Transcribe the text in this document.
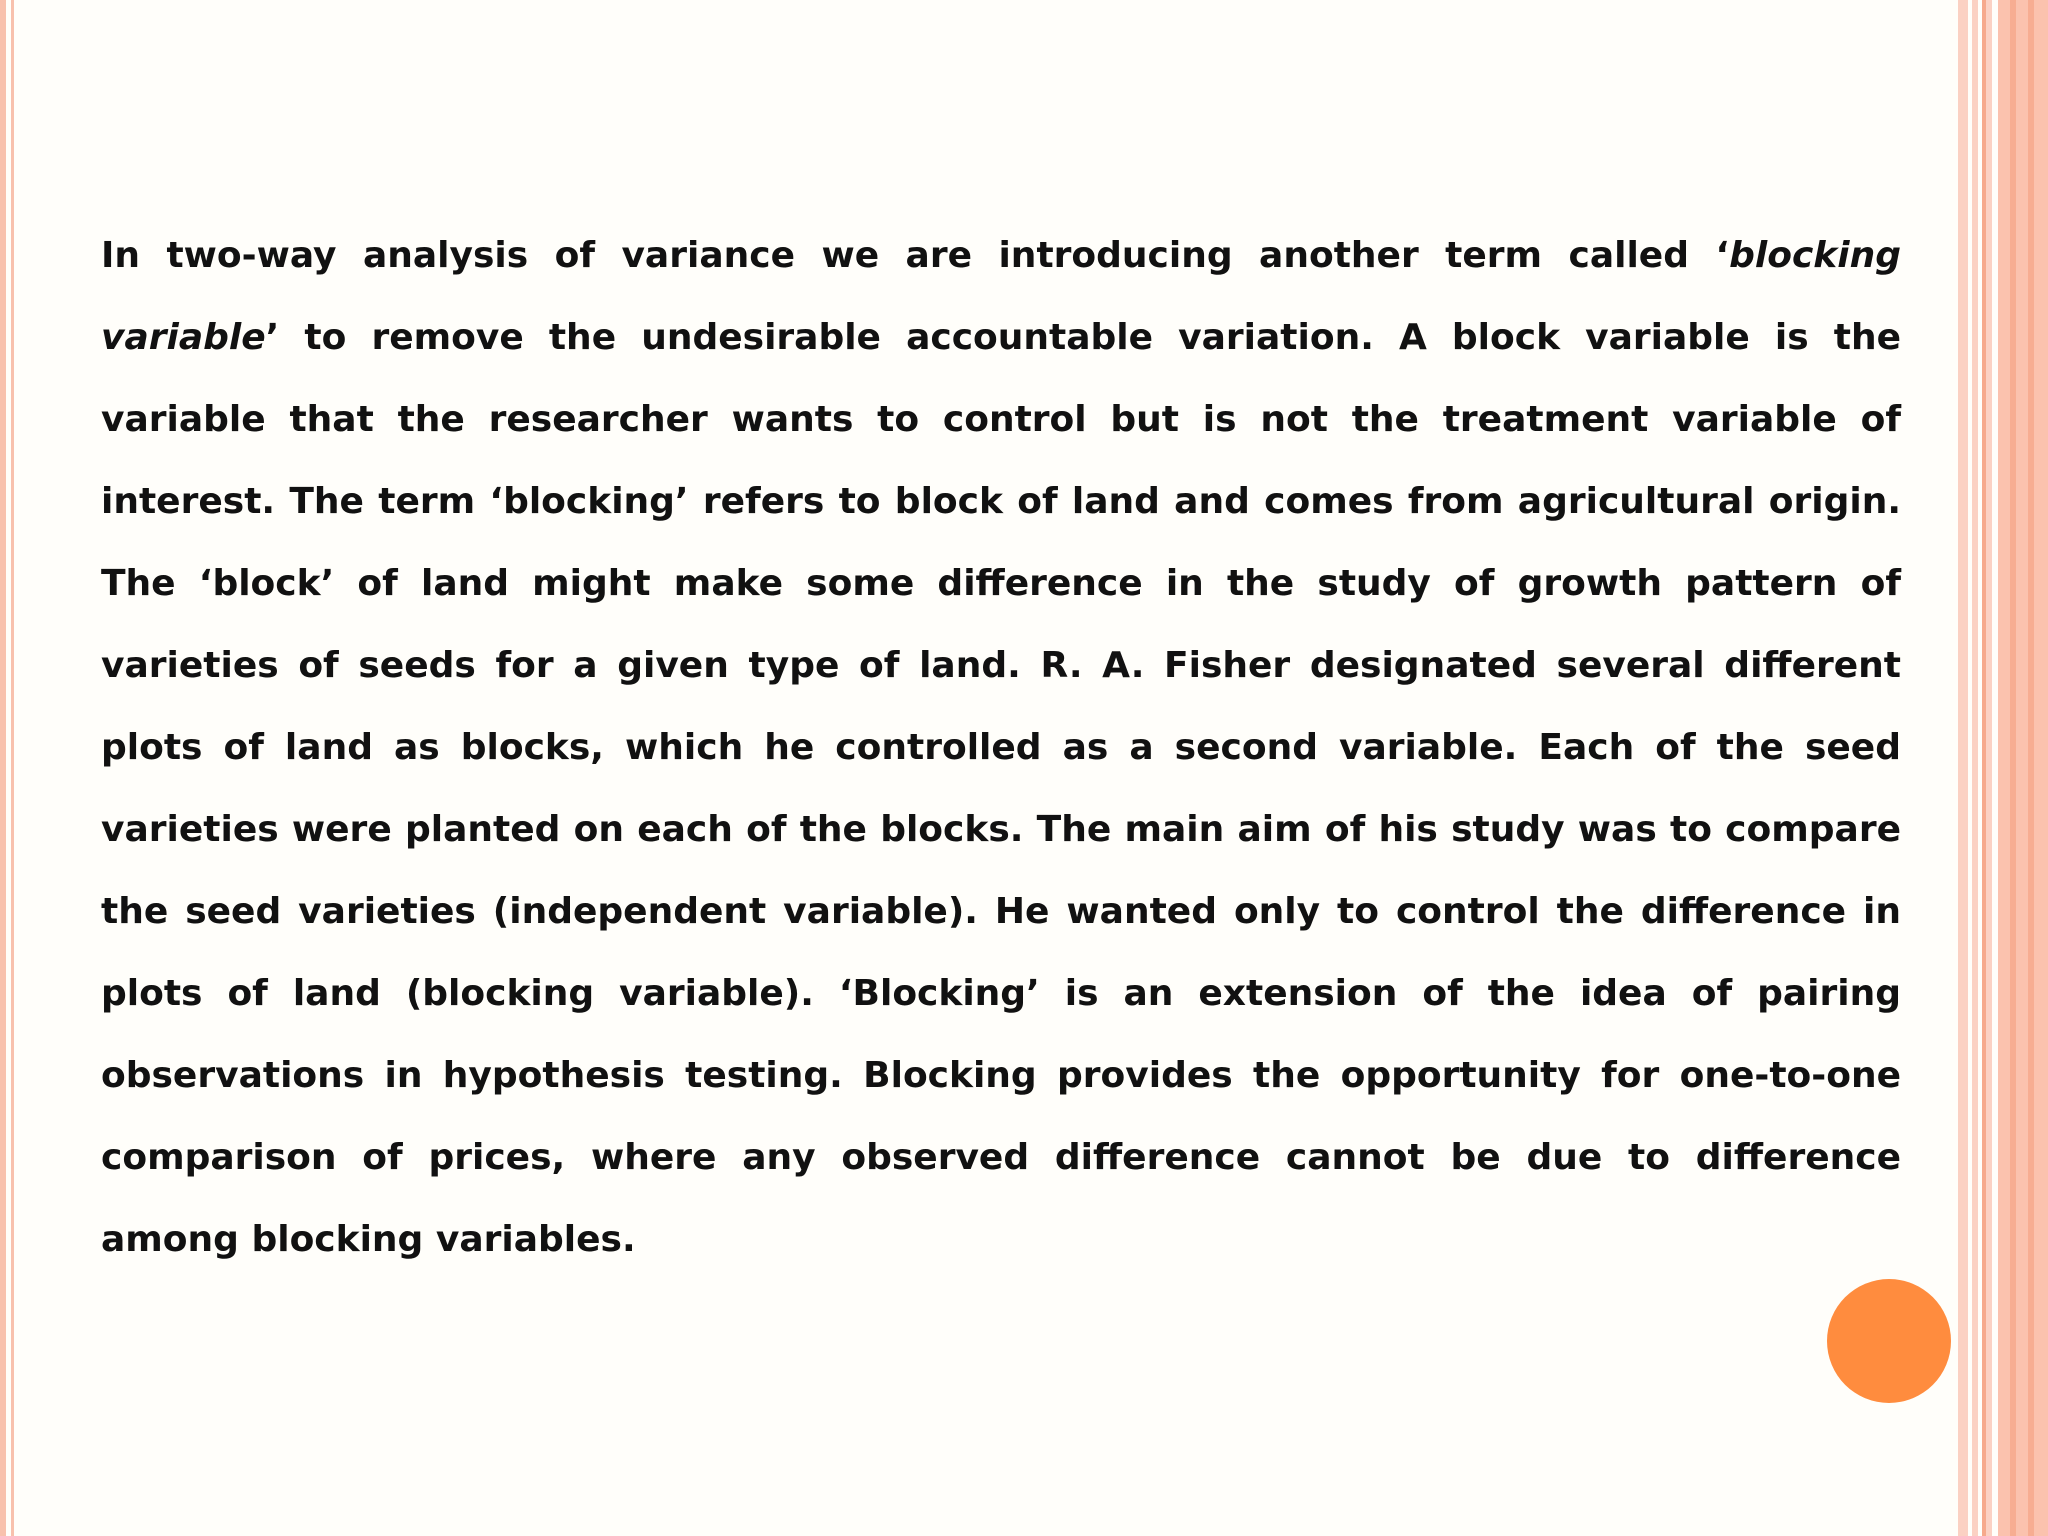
In two-way analysis of variance we are introducing another term called ‘blocking variable’ to remove the undesirable accountable variation. A block variable is the variable that the researcher wants to control but is not the treatment variable of interest. The term ‘blocking’ refers to block of land and comes from agricultural origin. The ‘block’ of land might make some difference in the study of growth pattern of varieties of seeds for a given type of land. R. A. Fisher designated several different plots of land as blocks, which he controlled as a second variable. Each of the seed varieties were planted on each of the blocks. The main aim of his study was to compare the seed varieties (independent variable). He wanted only to control the difference in plots of land (blocking variable). ‘Blocking’ is an extension of the idea of pairing observations in hypothesis testing. Blocking provides the opportunity for one-to-one comparison of prices, where any observed difference cannot be due to difference among blocking variables.
